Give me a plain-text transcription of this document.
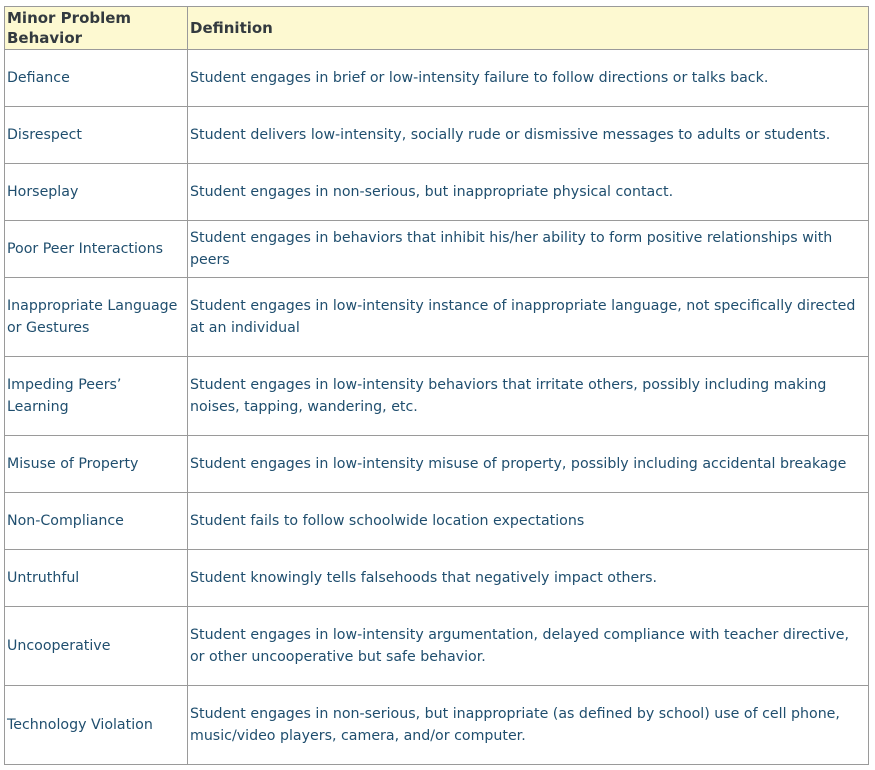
Minor Problem Behavior	Definition
Defiance	Student engages in brief or low-intensity failure to follow directions or talks back.
Disrespect	Student delivers low-intensity, socially rude or dismissive messages to adults or students.
Horseplay	Student engages in non-serious, but inappropriate physical contact.
Poor Peer Interactions	Student engages in behaviors that inhibit his/her ability to form positive relationships with peers
Inappropriate Language or Gestures	Student engages in low-intensity instance of inappropriate language, not specifically directed at an individual
Impeding Peers’ Learning	Student engages in low-intensity behaviors that irritate others, possibly including making noises, tapping, wandering, etc.
Misuse of Property	Student engages in low-intensity misuse of property, possibly including accidental breakage
Non-Compliance	Student fails to follow schoolwide location expectations
Untruthful	Student knowingly tells falsehoods that negatively impact others.
Uncooperative	Student engages in low-intensity argumentation, delayed compliance with teacher directive, or other uncooperative but safe behavior.
Technology Violation	Student engages in non-serious, but inappropriate (as defined by school) use of cell phone, music/video players, camera, and/or computer.
